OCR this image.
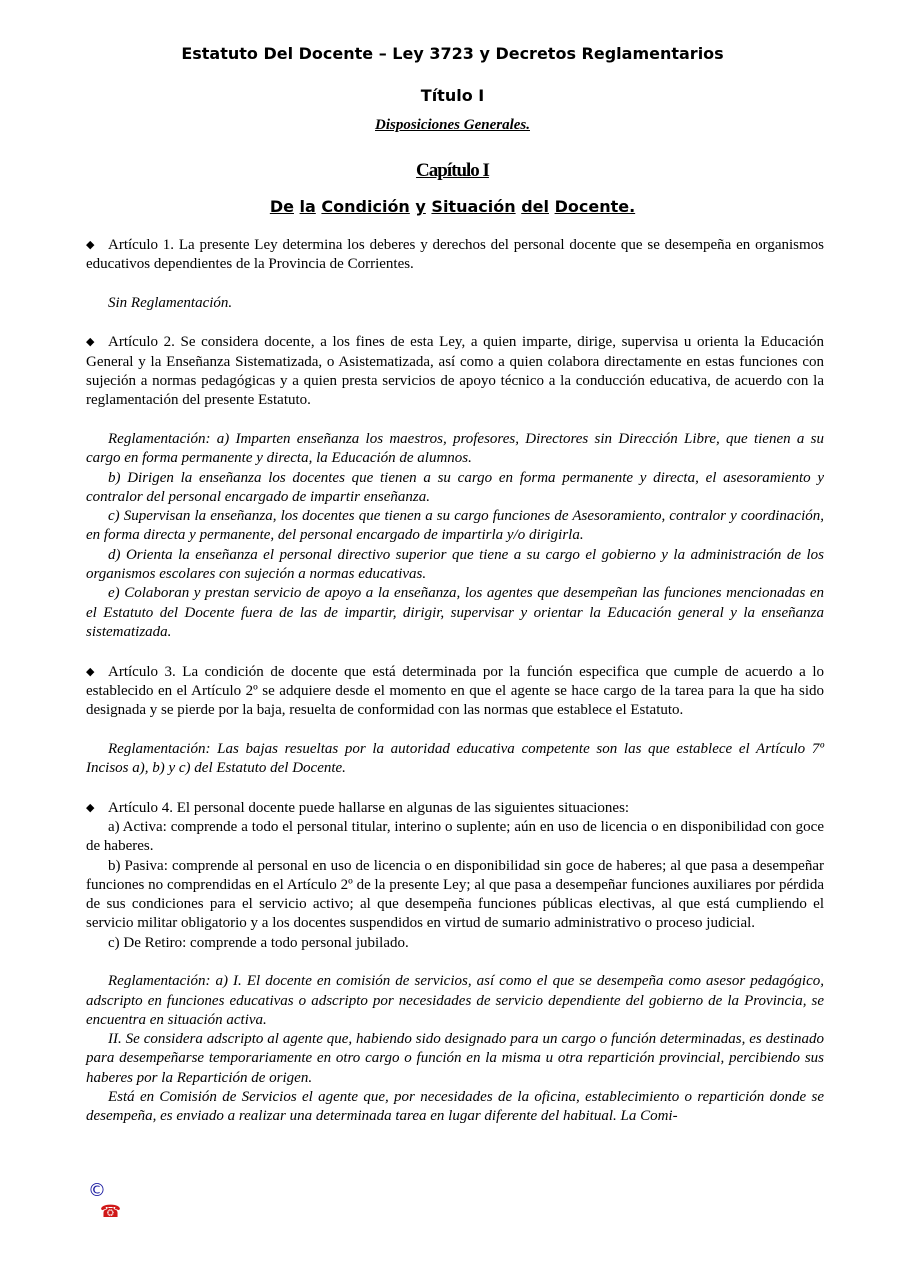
Estatuto Del Docente – Ley 3723 y Decretos Reglamentarios
Título I
Disposiciones Generales.
Capítulo I
De la Condición y Situación del Docente.

◆ Artículo 1. La presente Ley determina los deberes y derechos del personal docente que se desempeña en organismos educativos dependientes de la Provincia de Corrientes.

Sin Reglamentación.

◆ Artículo 2. Se considera docente, a los fines de esta Ley, a quien imparte, dirige, supervisa u orienta la Educación General y la Enseñanza Sistematizada, o Asistematizada, así como a quien colabora directamente en estas funciones con sujeción a normas pedagógicas y a quien presta servicios de apoyo técnico a la conducción educativa, de acuerdo con la reglamentación del presente Estatuto.

Reglamentación: a) Imparten enseñanza los maestros, profesores, Directores sin Dirección Libre, que tienen a su cargo en forma permanente y directa, la Educación de alumnos.

b) Dirigen la enseñanza los docentes que tienen a su cargo en forma permanente y directa, el asesoramiento y contralor del personal encargado de impartir enseñanza.

c) Supervisan la enseñanza, los docentes que tienen a su cargo funciones de Asesoramiento, contralor y coordinación, en forma directa y permanente, del personal encargado de impartirla y/o dirigirla.

d) Orienta la enseñanza el personal directivo superior que tiene a su cargo el gobierno y la administración de los organismos escolares con sujeción a normas educativas.

e) Colaboran y prestan servicio de apoyo a la enseñanza, los agentes que desempeñan las funciones mencionadas en el Estatuto del Docente fuera de las de impartir, dirigir, supervisar y orientar la Educación general y la enseñanza sistematizada.

◆ Artículo 3. La condición de docente que está determinada por la función especifica que cumple de acuerdo a lo establecido en el Artículo 2º se adquiere desde el momento en que el agente se hace cargo de la tarea para la que ha sido designada y se pierde por la baja, resuelta de conformidad con las normas que establece el Estatuto.

Reglamentación: Las bajas resueltas por la autoridad educativa competente son las que establece el Artículo 7º Incisos a), b) y c) del Estatuto del Docente.

◆ Artículo 4. El personal docente puede hallarse en algunas de las siguientes situaciones:

a) Activa: comprende a todo el personal titular, interino o suplente; aún en uso de licencia o en disponibilidad con goce de haberes.

b) Pasiva: comprende al personal en uso de licencia o en disponibilidad sin goce de haberes; al que pasa a desempeñar funciones no comprendidas en el Artículo 2º de la presente Ley; al que pasa a desempeñar funciones auxiliares por pérdida de sus condiciones para el servicio activo; al que desempeña funciones públicas electivas, al que está cumpliendo el servicio militar obligatorio y a los docentes suspendidos en virtud de sumario administrativo o proceso judicial.

c) De Retiro: comprende a todo personal jubilado.

Reglamentación: a) I. El docente en comisión de servicios, así como el que se desempeña como asesor pedagógico, adscripto en funciones educativas o adscripto por necesidades de servicio dependiente del gobierno de la Provincia, se encuentra en situación activa.

II. Se considera adscripto al agente que, habiendo sido designado para un cargo o función determinadas, es destinado para desempeñarse temporariamente en otro cargo o función en la misma u otra repartición provincial, percibiendo sus haberes por la Repartición de origen.

Está en Comisión de Servicios el agente que, por necesidades de la oficina, establecimiento o repartición donde se desempeña, es enviado a realizar una determinada tarea en lugar diferente del habitual. La Comi-

©
☎
